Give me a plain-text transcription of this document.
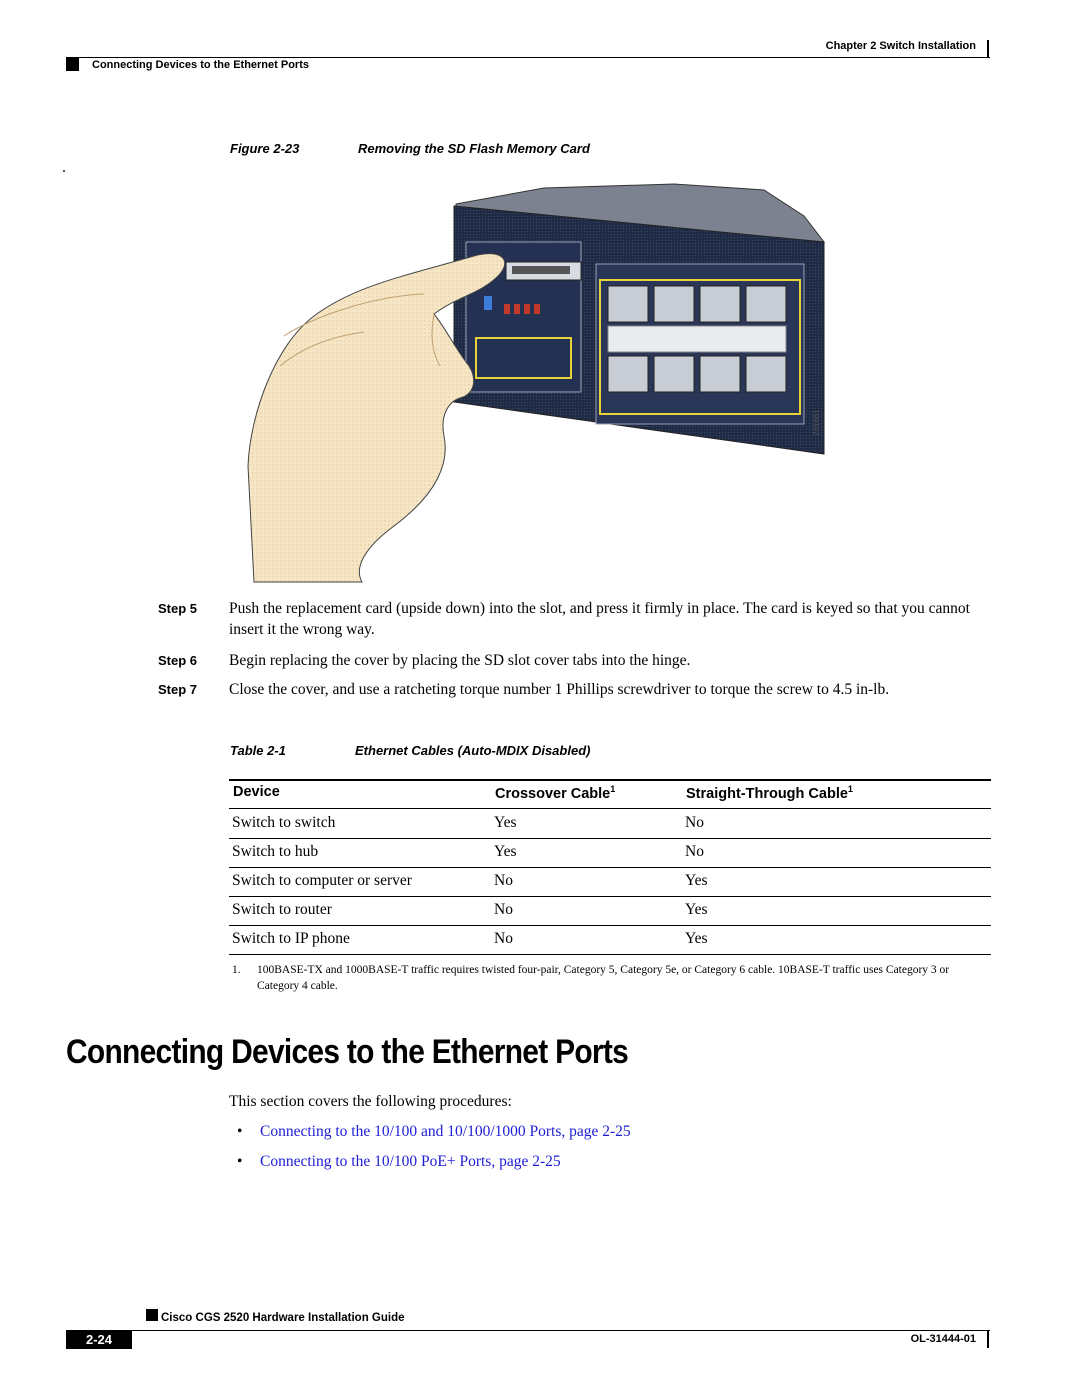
Chapter 2 Switch Installation
Connecting Devices to the Ethernet Ports
Figure 2-23	Removing the SD Flash Memory Card
201861
Step 5 Push the replacement card (upside down) into the slot, and press it firmly in place. The card is keyed so that you cannot insert it the wrong way.
Step 6 Begin replacing the cover by placing the SD slot cover tabs into the hinge.
Step 7 Close the cover, and use a ratcheting torque number 1 Phillips screwdriver to torque the screw to 4.5 in-lb.
Table 2-1	Ethernet Cables (Auto-MDIX Disabled)
Device	Crossover Cable$^1$	Straight-Through Cable$^1$
Switch to switch	Yes	No
Switch to hub	Yes	No
Switch to computer or server	No	Yes
Switch to router	No	Yes
Switch to IP phone	No	Yes
1.	100BASE-TX and 1000BASE-T traffic requires twisted four-pair, Category 5, Category 5e, or Category 6 cable. 10BASE-T traffic uses Category 3 or Category 4 cable.
Connecting Devices to the Ethernet Ports
This section covers the following procedures:
• Connecting to the 10/100 and 10/100/1000 Ports, page 2-25
• Connecting to the 10/100 PoE+ Ports, page 2-25
Cisco CGS 2520 Hardware Installation Guide
2-24	OL-31444-01
